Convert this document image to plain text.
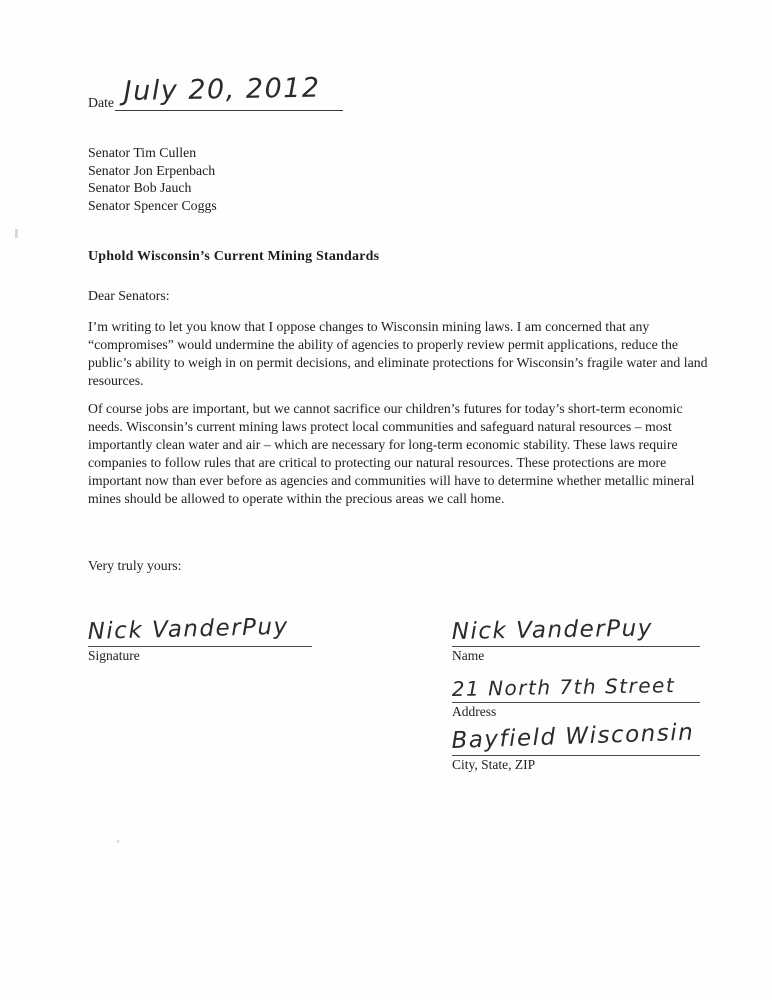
Date July 20, 2012
Senator Tim Cullen
Senator Jon Erpenbach
Senator Bob Jauch
Senator Spencer Coggs
Uphold Wisconsin’s Current Mining Standards
Dear Senators:
I’m writing to let you know that I oppose changes to Wisconsin mining laws. I am concerned that any “compromises” would undermine the ability of agencies to properly review permit applications, reduce the public’s ability to weigh in on permit decisions, and eliminate protections for Wisconsin’s fragile water and land resources.
Of course jobs are important, but we cannot sacrifice our children’s futures for today’s short-term economic needs. Wisconsin’s current mining laws protect local communities and safeguard natural resources – most importantly clean water and air – which are necessary for long-term economic stability. These laws require companies to follow rules that are critical to protecting our natural resources. These protections are more important now than ever before as agencies and communities will have to determine whether metallic mineral mines should be allowed to operate within the precious areas we call home.
Very truly yours:
Nick VanderPuy
Signature
Nick VanderPuy
Name
21 North 7th Street
Address
Bayfield Wisconsin
City, State, ZIP
